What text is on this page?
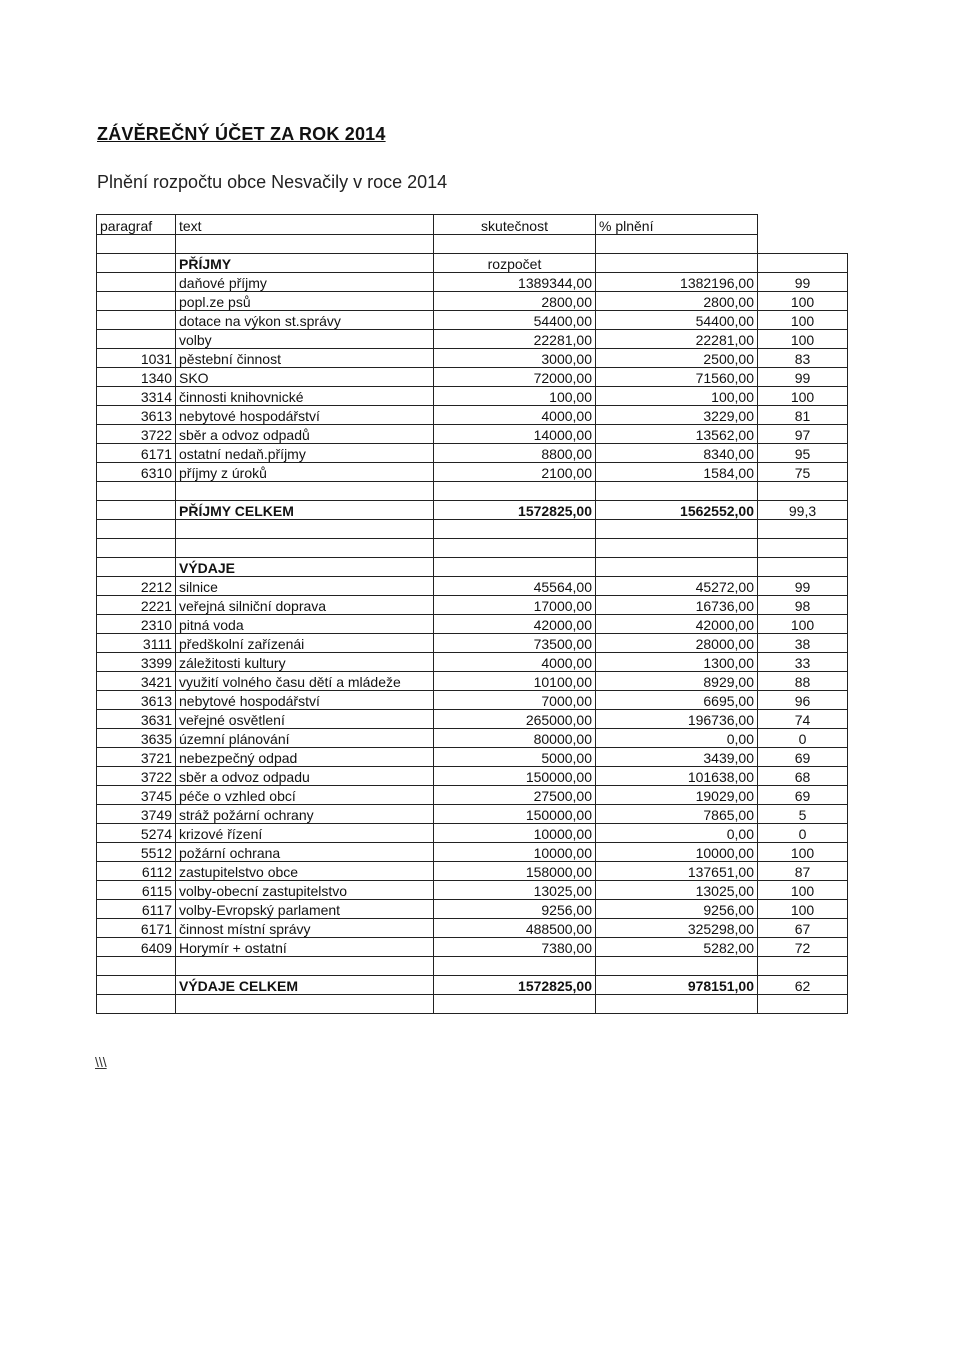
ZÁVĚREČNÝ ÚČET ZA ROK 2014
Plnění rozpočtu obce Nesvačily v roce 2014
paragraf	text	skutečnost	% plnění	

	PŘÍJMY	rozpočet		
	daňové příjmy	1389344,00	1382196,00	99
	popl.ze psů	2800,00	2800,00	100
	dotace na výkon st.správy	54400,00	54400,00	100
	volby	22281,00	22281,00	100
1031	pěstební činnost	3000,00	2500,00	83
1340	SKO	72000,00	71560,00	99
3314	činnosti knihovnické	100,00	100,00	100
3613	nebytové hospodářství	4000,00	3229,00	81
3722	sběr a odvoz odpadů	14000,00	13562,00	97
6171	ostatní nedaň.příjmy	8800,00	8340,00	95
6310	příjmy z úroků	2100,00	1584,00	75

	PŘÍJMY CELKEM	1572825,00	1562552,00	99,3

	VÝDAJE			
2212	silnice	45564,00	45272,00	99
2221	veřejná silniční doprava	17000,00	16736,00	98
2310	pitná voda	42000,00	42000,00	100
3111	předškolní zařízenái	73500,00	28000,00	38
3399	záležitosti kultury	4000,00	1300,00	33
3421	využití volného času dětí a mládeže	10100,00	8929,00	88
3613	nebytové hospodářství	7000,00	6695,00	96
3631	veřejné osvětlení	265000,00	196736,00	74
3635	územní plánování	80000,00	0,00	0
3721	nebezpečný odpad	5000,00	3439,00	69
3722	sběr a odvoz odpadu	150000,00	101638,00	68
3745	péče o vzhled obcí	27500,00	19029,00	69
3749	stráž požární ochrany	150000,00	7865,00	5
5274	krizové řízení	10000,00	0,00	0
5512	požární ochrana	10000,00	10000,00	100
6112	zastupitelstvo obce	158000,00	137651,00	87
6115	volby-obecní zastupitelstvo	13025,00	13025,00	100
6117	volby-Evropský parlament	9256,00	9256,00	100
6171	činnost místní správy	488500,00	325298,00	67
6409	Horymír + ostatní	7380,00	5282,00	72

	VÝDAJE CELKEM	1572825,00	978151,00	62

\\\
